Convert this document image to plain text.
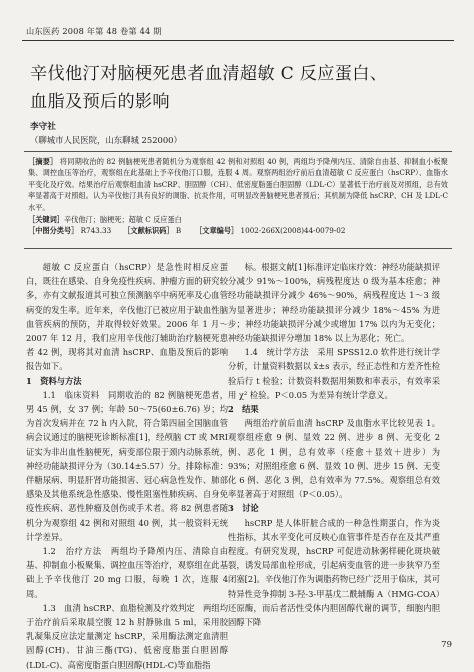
山东医药 2008 年第 48 卷第 44 期
辛伐他汀对脑梗死患者血清超敏 C 反应蛋白、
血脂及预后的影响
李守社
（聊城市人民医院，山东聊城 252000）
［摘要］ 将同期收治的 82 例脑梗死患者随机分为观察组 42 例和对照组 40 例，两组均予降颅内压、清除自由基、抑制血小板聚集、调控血压等治疗，观察组在此基础上予辛伐他汀口服，连服 4 周。观察两组治疗前后血清超敏 C 反应蛋白（hsCRP）、血脂水平变化及疗效。结果治疗后观察组血清 hsCRP、胆固醇（CH）、低密度脂蛋白胆固醇（LDL-C）显著低于治疗前及对照组，总有效率显著高于对照组。认为辛伐他汀具有良好的调脂、抗炎作用，可明显改善脑梗死患者预后；其机制为降低 hsCRP、CH 及 LDL-C 水平。
［关键词］辛伐他汀；脑梗死；超敏 C 反应蛋白
［中图分类号］ R743.33 ［文献标识码］ B ［文章编号］ 1002-266X(2008)44-0079-02

超敏 C 反应蛋白（hsCRP）是急性时相反应蛋白，既往在感染、自身免疫性疾病、肿瘤方面的研究较多，亦有文献报道其可独立预测脑卒中病死率及心血管病变的发生率。近年来，辛伐他汀已被应用于缺血性脑血管疾病的预防，并取得较好效果。2006 年 1 月～2007 年 12 月，我们应用辛伐他汀辅助治疗脑梗死患者 42 例，现将其对血清 hsCRP、血脂及预后的影响报告如下。

1　资料与方法

1.1　临床资料　同期收治的 82 例脑梗死患者，男 45 例，女 37 例；年龄 50～75(60±6.76) 岁；均为首次发病并在 72 h 内入院，符合第四届全国脑血管病会议通过的脑梗死诊断标准[1]，经颅脑 CT 或 MRI 证实为非出血性脑梗死，病变部位限于颈内动脉系统，神经功能缺损评分为（30.14±5.57）分。排除标准：伴糖尿病、明显肝肾功能损害、冠心病急性发作、肺部感染及其他系统急性感染、慢性阻塞性肺疾病、自身免疫性疾病、恶性肿瘤及创伤或手术者。将 82 例患者随机分为观察组 42 例和对照组 40 例，其一般资料无统计学差异。

1.2　治疗方法　两组均予降颅内压、清除自由基、抑制血小板聚集、调控血压等治疗，观察组在此基础上予辛伐他汀 20 mg 口服，每晚 1 次，连服 4 周。

1.3　血清 hsCRP、血脂检测及疗效判定　两组均于治疗前后采取晨空腹 12 h 肘静脉血 5 ml，采用胶乳凝集反应法定量测定 hsCRP，采用酶法测定血清胆固醇(CH)、甘油三酯(TG)、低密度脂蛋白胆固醇(LDL-C)、高密度脂蛋白胆固醇(HDL-C)等血脂指

标。根据文献[1]标准评定临床疗效：神经功能缺损评分减少 91%～100%，病残程度达 0 级为基本痊愈；神经功能缺损评分减少 46%～90%，病残程度达 1～3 级为显著进步；神经功能缺损评分减少 18%～45% 为进步；神经功能缺损评分减少或增加 17% 以内为无变化；神经功能缺损评分增加 18% 以上为恶化；死亡。

1.4　统计学方法　采用 SPSS12.0 软件进行统计学分析，计量资料数据以 x̄±s 表示，经正态性和方差齐性检验后行 t 检验；计数资料数据用频数和率表示，有效率采用 χ² 检验。P＜0.05 为差异有统计学意义。

2　结果

两组治疗前后血清 hsCRP 及血脂水平比较见表 1。观察组痊愈 9 例、显效 22 例、进步 8 例、无变化 2 例、恶化 1 例，总有效率（痊愈＋显效＋进步）为 93%；对照组痊愈 6 例、显效 10 例、进步 15 例、无变化 6 例、恶化 3 例，总有效率为 77.5%。观察组总有效率显著高于对照组（P＜0.05）。

3　讨论

hsCRP 是人体肝脏合成的一种急性期蛋白，作为炎性指标，其水平变化可反映心血管事件是否存在及其严重程度。有研究发现，hsCRP 可促进动脉粥样硬化斑块破裂，诱发局部血栓形成，引起病变血管的进一步狭窄乃至闭塞[2]。辛伐他汀作为调脂药物已经广泛用于临床，其可特异性竞争抑制 3-羟-3-甲基戊二酰辅酶 A（HMG-COA）还原酶，而后者活性受体内胆固醇代谢的调节，细胞内胆固醇下降

79
